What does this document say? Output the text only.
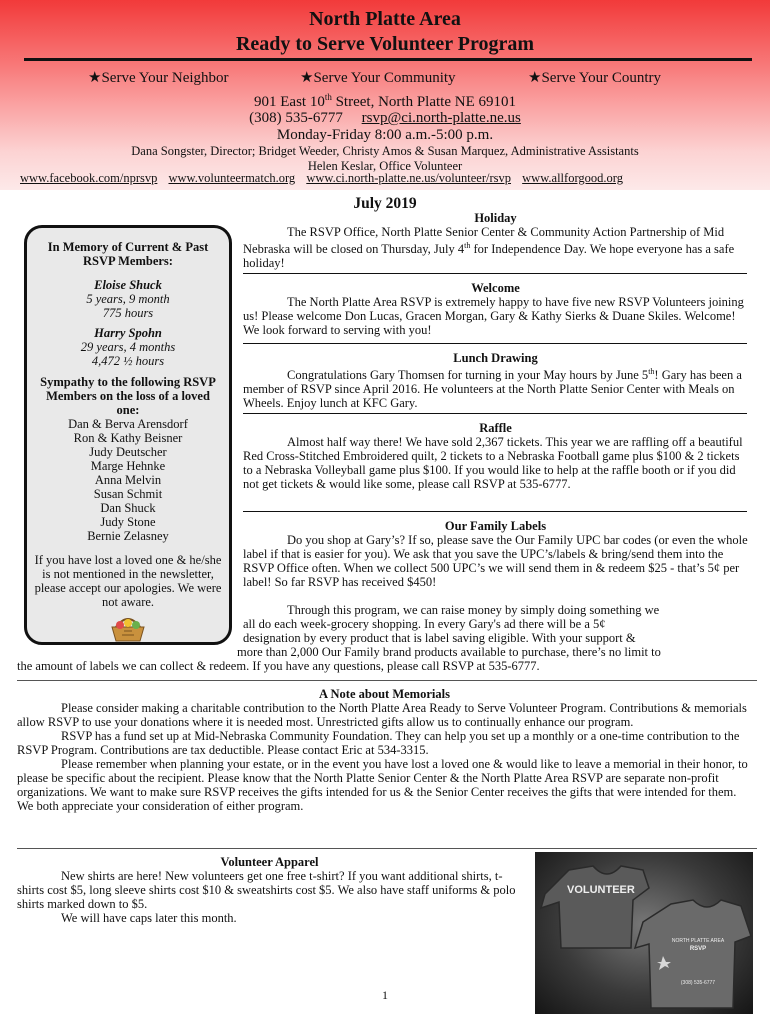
North Platte Area
Ready to Serve Volunteer Program
★Serve Your Neighbor	★Serve Your Community	★Serve Your Country
901 East 10th Street, North Platte NE 69101
(308) 535-6777 rsvp@ci.north-platte.ne.us
Monday-Friday 8:00 a.m.-5:00 p.m.
Dana Songster, Director; Bridget Weeder, Christy Amos & Susan Marquez, Administrative Assistants
Helen Keslar, Office Volunteer
www.facebook.com/nprsvp www.volunteermatch.org www.ci.north-platte.ne.us/volunteer/rsvp www.allforgood.org
July 2019
In Memory of Current & Past RSVP Members:
Eloise Shuck
5 years, 9 month
775 hours
Harry Spohn
29 years, 4 months
4,472 ½ hours
Sympathy to the following RSVP Members on the loss of a loved one:
Dan & Berva Arensdorf
Ron & Kathy Beisner
Judy Deutscher
Marge Hehnke
Anna Melvin
Susan Schmit
Dan Shuck
Judy Stone
Bernie Zelasney
If you have lost a loved one & he/she is not mentioned in the newsletter, please accept our apologies. We were not aware.
Holiday

The RSVP Office, North Platte Senior Center & Community Action Partnership of Mid Nebraska will be closed on Thursday, July 4th for Independence Day. We hope everyone has a safe holiday!

Welcome

The North Platte Area RSVP is extremely happy to have five new RSVP Volunteers joining us! Please welcome Don Lucas, Gracen Morgan, Gary & Kathy Sierks & Duane Skiles. Welcome! We look forward to serving with you!

Lunch Drawing

Congratulations Gary Thomsen for turning in your May hours by June 5th! Gary has been a member of RSVP since April 2016. He volunteers at the North Platte Senior Center with Meals on Wheels. Enjoy lunch at KFC Gary.

Raffle

Almost half way there! We have sold 2,367 tickets. This year we are raffling off a beautiful Red Cross-Stitched Embroidered quilt, 2 tickets to a Nebraska Football game plus $100 & 2 tickets to a Nebraska Volleyball game plus $100. If you would like to help at the raffle booth or if you did not get tickets & would like some, please call RSVP at 535-6777.

Our Family Labels

Do you shop at Gary’s? If so, please save the Our Family UPC bar codes (or even the whole label if that is easier for you). We ask that you save the UPC’s/labels & bring/send them into the RSVP Office often. When we collect 500 UPC’s we will send them in & redeem $25 - that’s 5¢ per label! So far RSVP has received $450!

Through this program, we can raise money by simply doing something we
all do each week-grocery shopping. In every Gary's ad there will be a 5¢
designation by every product that is label saving eligible. With your support &
more than 2,000 Our Family brand products available to purchase, there’s no limit to
the amount of labels we can collect & redeem. If you have any questions, please call RSVP at 535-6777.
A Note about Memorials

Please consider making a charitable contribution to the North Platte Area Ready to Serve Volunteer Program. Contributions & memorials allow RSVP to use your donations where it is needed most. Unrestricted gifts allow us to continually enhance our program.

RSVP has a fund set up at Mid-Nebraska Community Foundation. They can help you set up a monthly or a one-time contribution to the RSVP Program. Contributions are tax deductible. Please contact Eric at 534-3315.

Please remember when planning your estate, or in the event you have lost a loved one & would like to leave a memorial in their honor, to please be specific about the recipient. Please know that the North Platte Senior Center & the North Platte Area RSVP are separate non-profit organizations. We want to make sure RSVP receives the gifts intended for us & the Senior Center receives the gifts that were intended for them. We both appreciate your consideration of either program.

Volunteer Apparel

New shirts are here! New volunteers get one free t-shirt? If you want additional shirts, t-shirts cost $5, long sleeve shirts cost $10 & sweatshirts cost $5. We also have staff uniforms & polo shirts marked down to $5.

We will have caps later this month.

VOLUNTEER
NORTH PLATTE AREA
RSVP
(308) 535-6777
1
